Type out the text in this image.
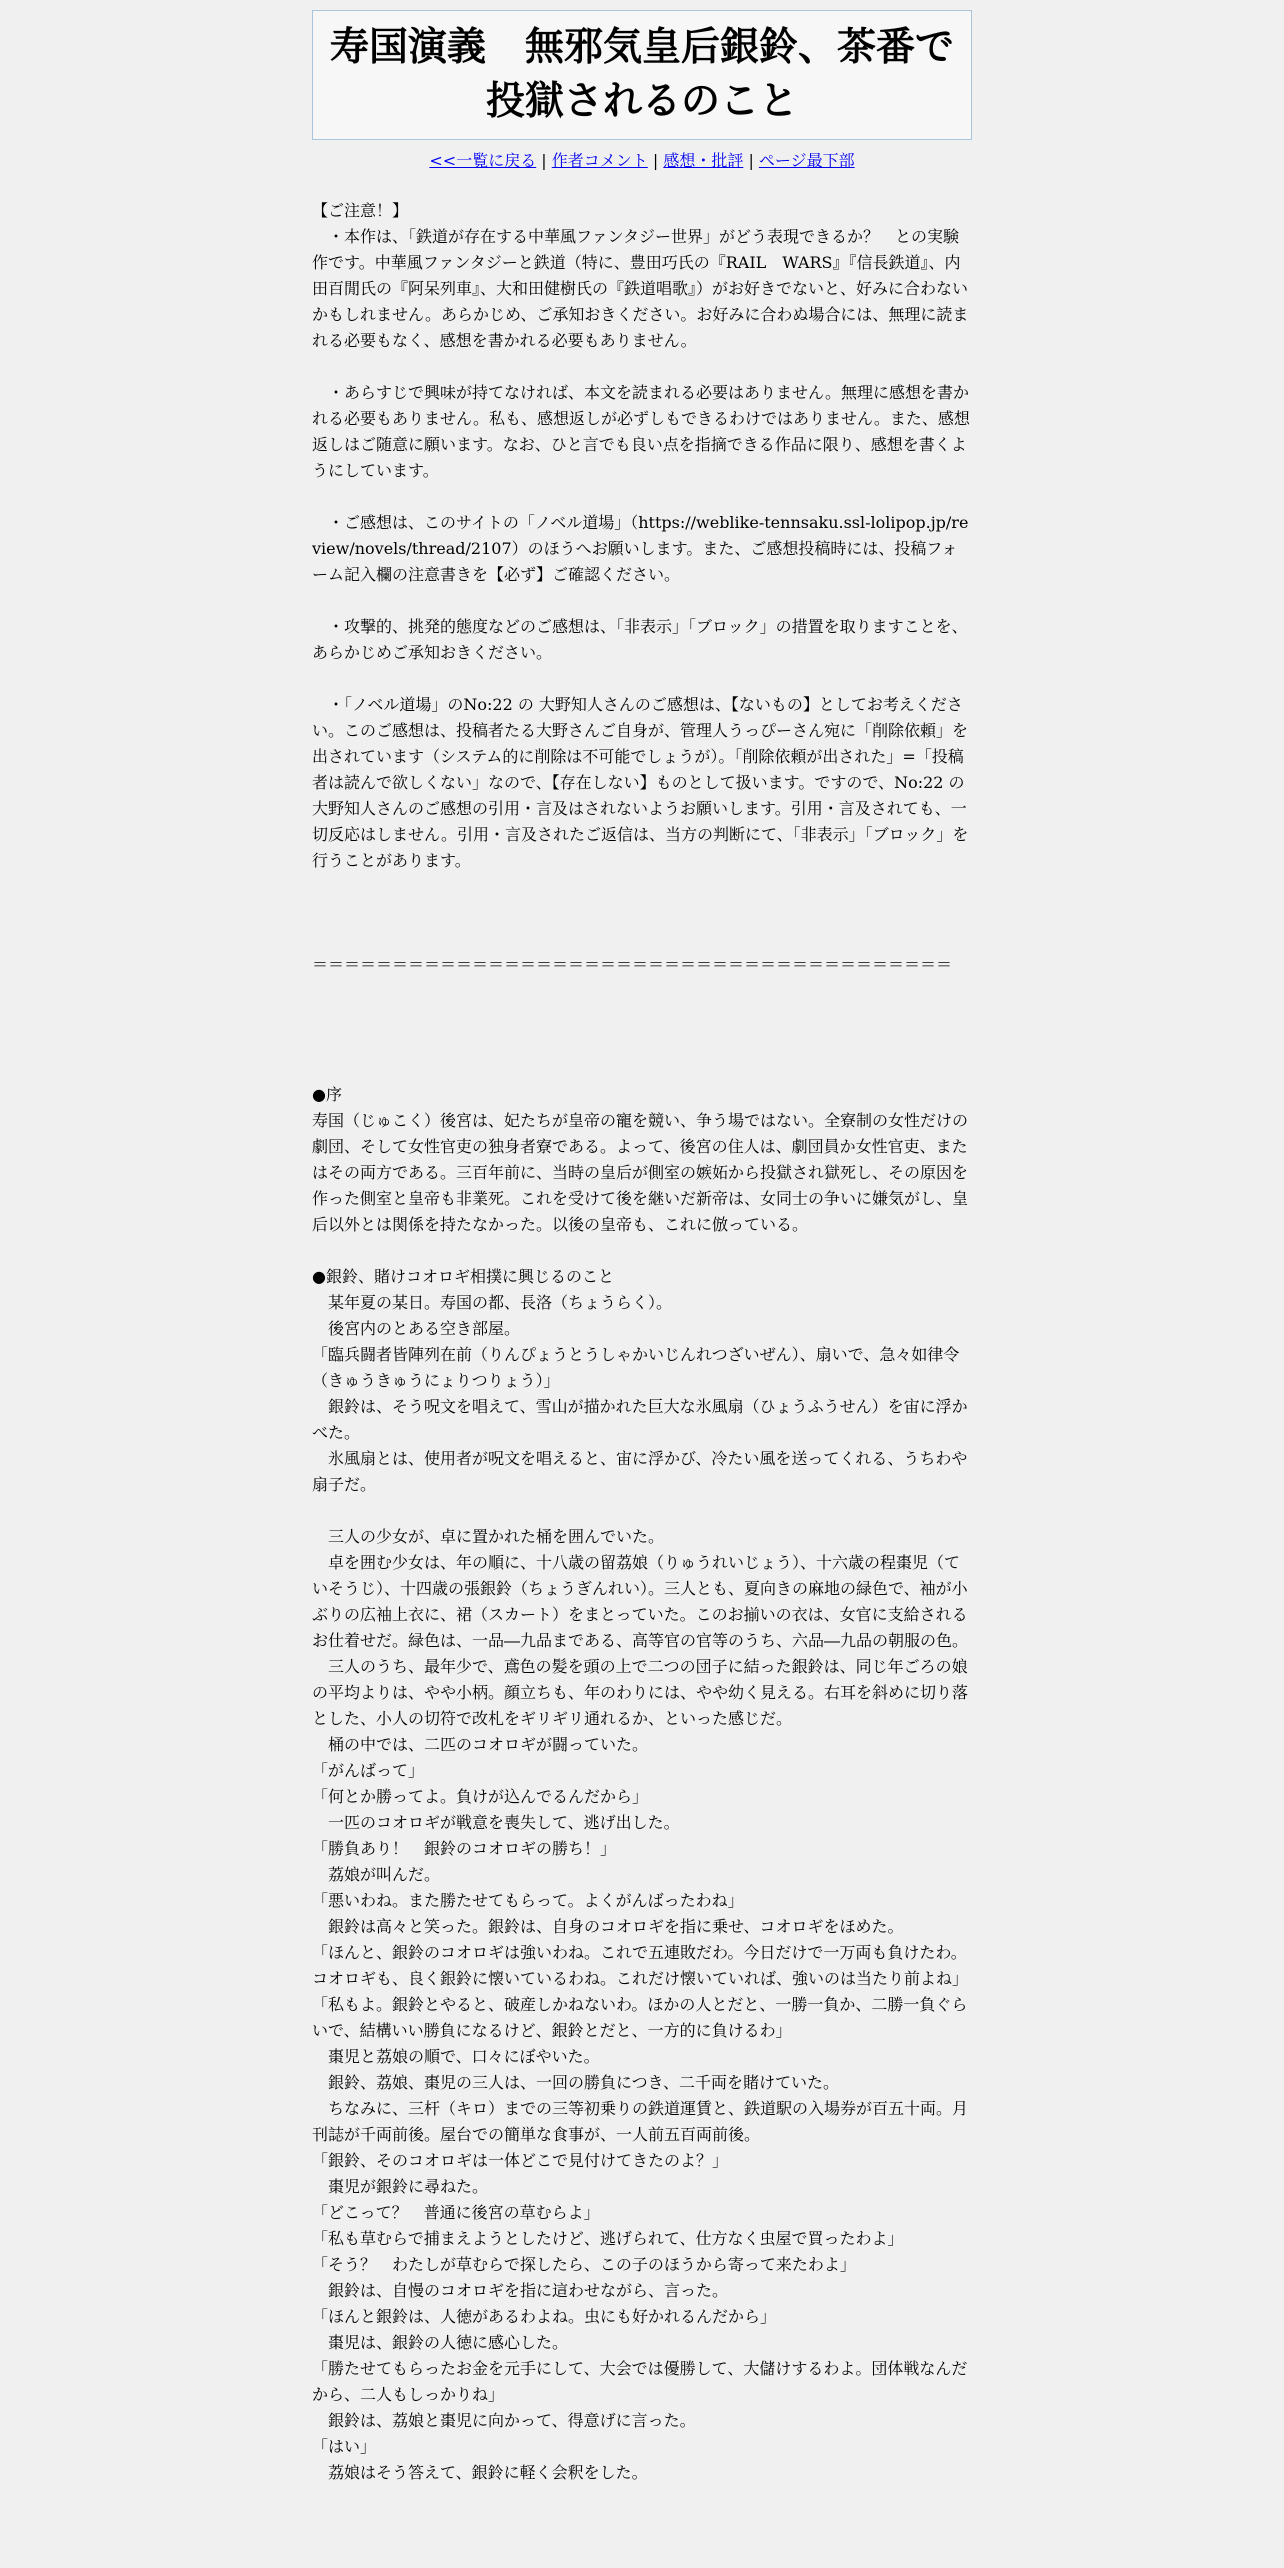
寿国演義　無邪気皇后銀鈴、茶番で投獄されるのこと
<<一覧に戻る | 作者コメント | 感想・批評 | ページ最下部

【ご注意！】

　・本作は、「鉄道が存在する中華風ファンタジー世界」がどう表現できるか？　との実験作です。中華風ファンタジーと鉄道（特に、豊田巧氏の『RAIL　WARS』『信長鉄道』、内田百閒氏の『阿呆列車』、大和田健樹氏の『鉄道唱歌』）がお好きでないと、好みに合わないかもしれません。あらかじめ、ご承知おきください。お好みに合わぬ場合には、無理に読まれる必要もなく、感想を書かれる必要もありません。

　・あらすじで興味が持てなければ、本文を読まれる必要はありません。無理に感想を書かれる必要もありません。私も、感想返しが必ずしもできるわけではありません。また、感想返しはご随意に願います。なお、ひと言でも良い点を指摘できる作品に限り、感想を書くようにしています。

　・ご感想は、このサイトの「ノベル道場」（https://weblike-tennsaku.ssl-lolipop.jp/review/novels/thread/2107）のほうへお願いします。また、ご感想投稿時には、投稿フォーム記入欄の注意書きを【必ず】ご確認ください。

　・攻撃的、挑発的態度などのご感想は、「非表示」「ブロック」の措置を取りますことを、あらかじめご承知おきください。

　・「ノベル道場」のNo:22 の 大野知人さんのご感想は、【ないもの】としてお考えください。このご感想は、投稿者たる大野さんご自身が、管理人うっぴーさん宛に「削除依頼」を出されています（システム的に削除は不可能でしょうが）。「削除依頼が出された」=「投稿者は読んで欲しくない」なので、【存在しない】ものとして扱います。ですので、No:22 の 大野知人さんのご感想の引用・言及はされないようお願いします。引用・言及されても、一切反応はしません。引用・言及されたご返信は、当方の判断にて、「非表示」「ブロック」を行うことがあります。

＝＝＝＝＝＝＝＝＝＝＝＝＝＝＝＝＝＝＝＝＝＝＝＝＝＝＝＝＝＝＝＝＝＝＝＝＝＝＝＝

●序

寿国（じゅこく）後宮は、妃たちが皇帝の寵を競い、争う場ではない。全寮制の女性だけの劇団、そして女性官吏の独身者寮である。よって、後宮の住人は、劇団員か女性官吏、またはその両方である。三百年前に、当時の皇后が側室の嫉妬から投獄され獄死し、その原因を作った側室と皇帝も非業死。これを受けて後を継いだ新帝は、女同士の争いに嫌気がし、皇后以外とは関係を持たなかった。以後の皇帝も、これに倣っている。

●銀鈴、賭けコオロギ相撲に興じるのこと

　某年夏の某日。寿国の都、長洛（ちょうらく）。

　後宮内のとある空き部屋。

「臨兵闘者皆陣列在前（りんぴょうとうしゃかいじんれつざいぜん）、扇いで、急々如律令（きゅうきゅうにょりつりょう）」

　銀鈴は、そう呪文を唱えて、雪山が描かれた巨大な氷風扇（ひょうふうせん）を宙に浮かべた。

　氷風扇とは、使用者が呪文を唱えると、宙に浮かび、冷たい風を送ってくれる、うちわや扇子だ。

　三人の少女が、卓に置かれた桶を囲んでいた。

　卓を囲む少女は、年の順に、十八歳の留荔娘（りゅうれいじょう）、十六歳の程棗児（ていそうじ）、十四歳の張銀鈴（ちょうぎんれい）。三人とも、夏向きの麻地の緑色で、袖が小ぶりの広袖上衣に、裙（スカート）をまとっていた。このお揃いの衣は、女官に支給されるお仕着せだ。緑色は、一品―九品まである、高等官の官等のうち、六品―九品の朝服の色。

　三人のうち、最年少で、鳶色の髪を頭の上で二つの団子に結った銀鈴は、同じ年ごろの娘の平均よりは、やや小柄。顔立ちも、年のわりには、やや幼く見える。右耳を斜めに切り落とした、小人の切符で改札をギリギリ通れるか、といった感じだ。

　桶の中では、二匹のコオロギが闘っていた。

「がんばって」

「何とか勝ってよ。負けが込んでるんだから」

　一匹のコオロギが戦意を喪失して、逃げ出した。

「勝負あり！　銀鈴のコオロギの勝ち！」

　荔娘が叫んだ。

「悪いわね。また勝たせてもらって。よくがんばったわね」

　銀鈴は高々と笑った。銀鈴は、自身のコオロギを指に乗せ、コオロギをほめた。

「ほんと、銀鈴のコオロギは強いわね。これで五連敗だわ。今日だけで一万両も負けたわ。コオロギも、良く銀鈴に懐いているわね。これだけ懐いていれば、強いのは当たり前よね」

「私もよ。銀鈴とやると、破産しかねないわ。ほかの人とだと、一勝一負か、二勝一負ぐらいで、結構いい勝負になるけど、銀鈴とだと、一方的に負けるわ」

　棗児と荔娘の順で、口々にぼやいた。

　銀鈴、荔娘、棗児の三人は、一回の勝負につき、二千両を賭けていた。

　ちなみに、三杆（キロ）までの三等初乗りの鉄道運賃と、鉄道駅の入場券が百五十両。月刊誌が千両前後。屋台での簡単な食事が、一人前五百両前後。

「銀鈴、そのコオロギは一体どこで見付けてきたのよ？」

　棗児が銀鈴に尋ねた。

「どこって？　普通に後宮の草むらよ」

「私も草むらで捕まえようとしたけど、逃げられて、仕方なく虫屋で買ったわよ」

「そう？　わたしが草むらで探したら、この子のほうから寄って来たわよ」

　銀鈴は、自慢のコオロギを指に這わせながら、言った。

「ほんと銀鈴は、人徳があるわよね。虫にも好かれるんだから」

　棗児は、銀鈴の人徳に感心した。

「勝たせてもらったお金を元手にして、大会では優勝して、大儲けするわよ。団体戦なんだから、二人もしっかりね」

　銀鈴は、荔娘と棗児に向かって、得意げに言った。

「はい」

　荔娘はそう答えて、銀鈴に軽く会釈をした。
